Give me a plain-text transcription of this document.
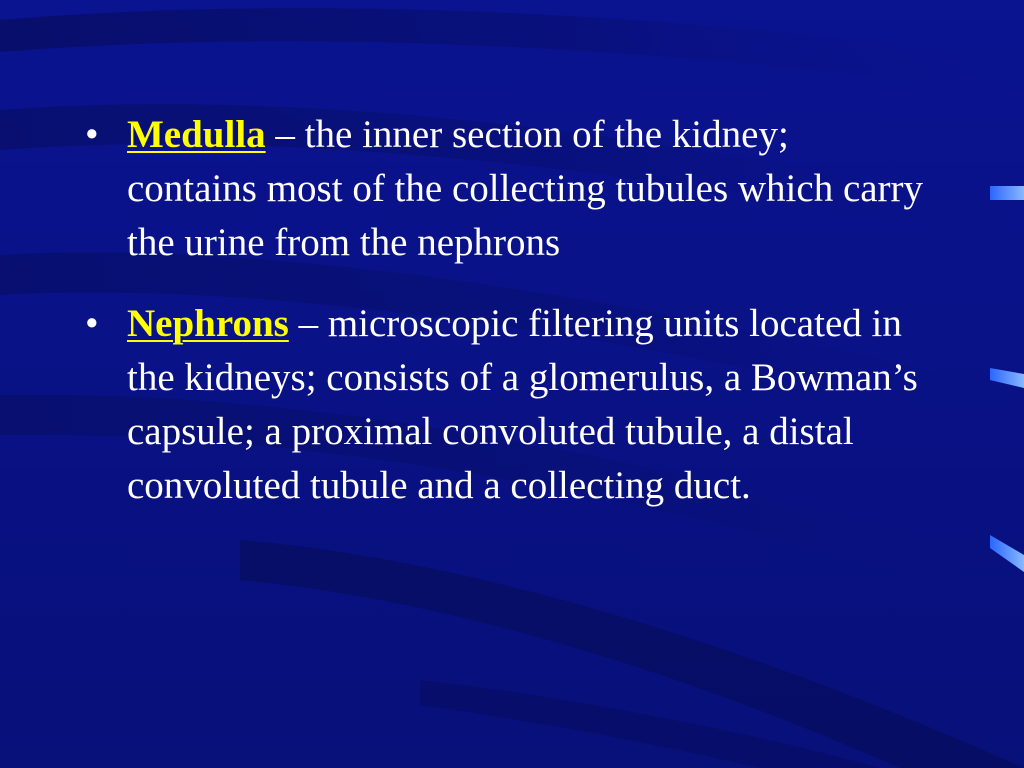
• Medulla – the inner section of the kidney; contains most of the collecting tubules which carry the urine from the nephrons
• Nephrons – microscopic filtering units located in the kidneys; consists of a glomerulus, a Bowman’s capsule; a proximal convoluted tubule, a distal convoluted tubule and a collecting duct.
